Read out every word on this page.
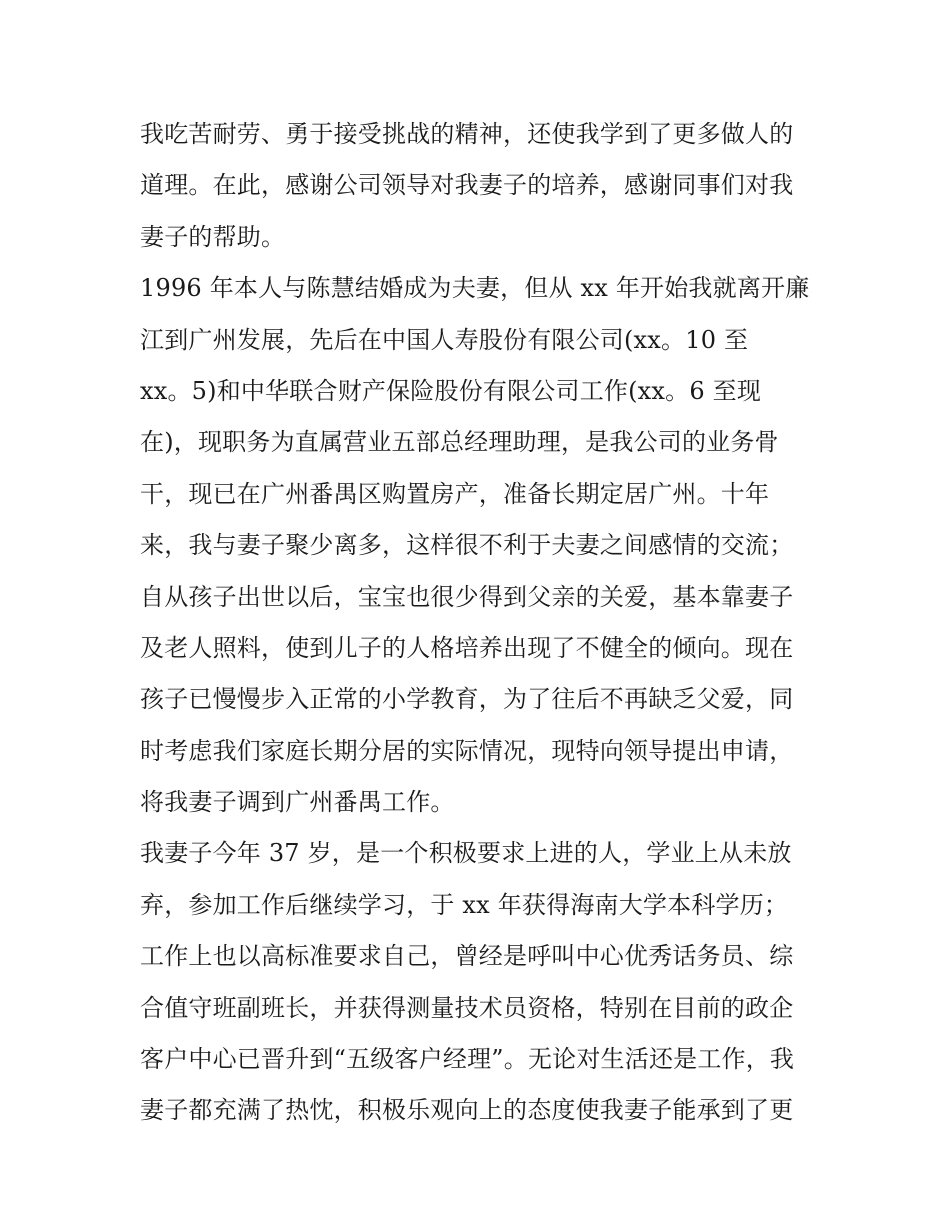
我吃苦耐劳、勇于接受挑战的精神，还使我学到了更多做人的
道理。在此，感谢公司领导对我妻子的培养，感谢同事们对我
妻子的帮助。
1996 年本人与陈慧结婚成为夫妻，但从 xx 年开始我就离开廉
江到广州发展，先后在中国人寿股份有限公司(xx。10 至
xx。5)和中华联合财产保险股份有限公司工作(xx。6 至现
在)，现职务为直属营业五部总经理助理，是我公司的业务骨
干，现已在广州番禺区购置房产，准备长期定居广州。十年
来，我与妻子聚少离多，这样很不利于夫妻之间感情的交流；
自从孩子出世以后，宝宝也很少得到父亲的关爱，基本靠妻子
及老人照料，使到儿子的人格培养出现了不健全的倾向。现在
孩子已慢慢步入正常的小学教育，为了往后不再缺乏父爱，同
时考虑我们家庭长期分居的实际情况，现特向领导提出申请，
将我妻子调到广州番禺工作。
我妻子今年 37 岁，是一个积极要求上进的人，学业上从未放
弃，参加工作后继续学习，于 xx 年获得海南大学本科学历；
工作上也以高标准要求自己，曾经是呼叫中心优秀话务员、综
合值守班副班长，并获得测量技术员资格，特别在目前的政企
客户中心已晋升到“五级客户经理”。无论对生活还是工作，我
妻子都充满了热忱，积极乐观向上的态度使我妻子能承到了更
